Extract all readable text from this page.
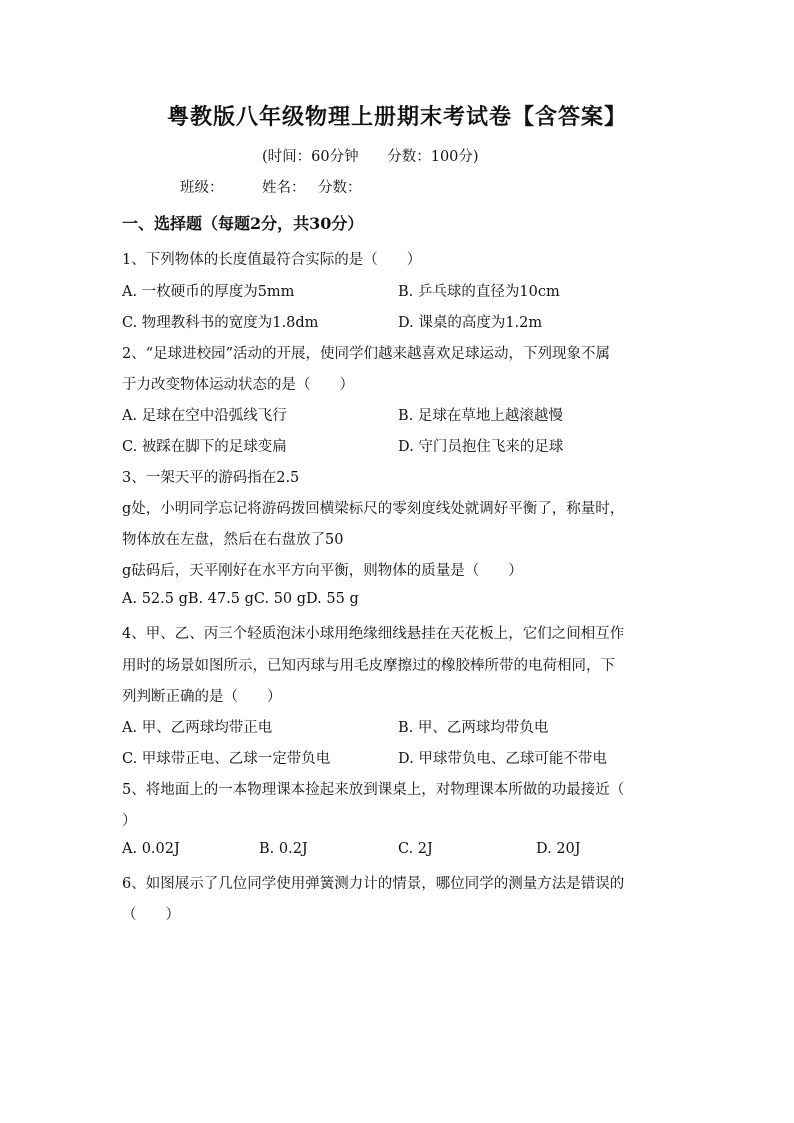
粤教版八年级物理上册期末考试卷【含答案】
(时间：60分钟 分数：100分)
班级：	姓名： 分数：
一、选择题（每题2分，共30分）
1、下列物体的长度值最符合实际的是（　　）
A. 一枚硬币的厚度为5mm	B. 乒乓球的直径为10cm
C. 物理教科书的宽度为1.8dm	D. 课桌的高度为1.2m
2、“足球进校园”活动的开展，使同学们越来越喜欢足球运动，下列现象不属
于力改变物体运动状态的是（　　）
A. 足球在空中沿弧线飞行	B. 足球在草地上越滚越慢
C. 被踩在脚下的足球变扁	D. 守门员抱住飞来的足球
3、一架天平的游码指在2.5
g处，小明同学忘记将游码拨回横梁标尺的零刻度线处就调好平衡了，称量时，
物体放在左盘，然后在右盘放了50
g砝码后，天平刚好在水平方向平衡，则物体的质量是（　　）
A. 52.5 gB. 47.5 gC. 50 gD. 55 g
4、甲、乙、丙三个轻质泡沫小球用绝缘细线悬挂在天花板上，它们之间相互作
用时的场景如图所示，已知丙球与用毛皮摩擦过的橡胶棒所带的电荷相同，下
列判断正确的是（　　）
A. 甲、乙两球均带正电	B. 甲、乙两球均带负电
C. 甲球带正电、乙球一定带负电	D. 甲球带负电、乙球可能不带电
5、将地面上的一本物理课本捡起来放到课桌上，对物理课本所做的功最接近（
）
A. 0.02J	B. 0.2J	C. 2J	D. 20J
6、如图展示了几位同学使用弹簧测力计的情景，哪位同学的测量方法是错误的
（　　）
